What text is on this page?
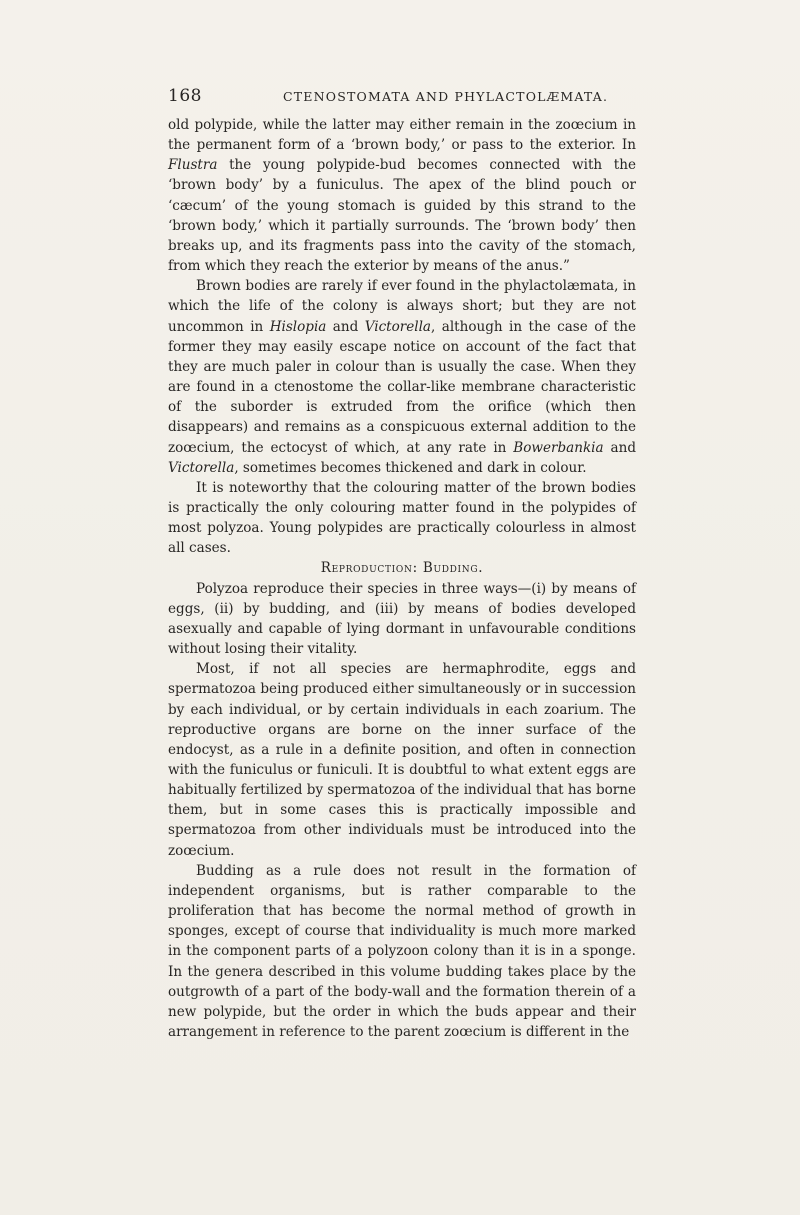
168	CTENOSTOMATA AND PHYLACTOLÆMATA.

old polypide, while the latter may either remain in the zoœcium in the permanent form of a ‘brown body,’ or pass to the exterior. In Flustra the young polypide-bud becomes connected with the ‘brown body’ by a funiculus. The apex of the blind pouch or ‘cæcum’ of the young stomach is guided by this strand to the ‘brown body,’ which it partially surrounds. The ‘brown body’ then breaks up, and its fragments pass into the cavity of the stomach, from which they reach the exterior by means of the anus.”

Brown bodies are rarely if ever found in the phylactolæmata, in which the life of the colony is always short; but they are not uncommon in Hislopia and Victorella, although in the case of the former they may easily escape notice on account of the fact that they are much paler in colour than is usually the case. When they are found in a ctenostome the collar-like membrane characteristic of the suborder is extruded from the orifice (which then disappears) and remains as a conspicuous external addition to the zoœcium, the ectocyst of which, at any rate in Bowerbankia and Victorella, sometimes becomes thickened and dark in colour.

It is noteworthy that the colouring matter of the brown bodies is practically the only colouring matter found in the polypides of most polyzoa. Young polypides are practically colourless in almost all cases.

Reproduction: Budding.

Polyzoa reproduce their species in three ways—(i) by means of eggs, (ii) by budding, and (iii) by means of bodies developed asexually and capable of lying dormant in unfavourable conditions without losing their vitality.

Most, if not all species are hermaphrodite, eggs and spermatozoa being produced either simultaneously or in succession by each individual, or by certain individuals in each zoarium. The reproductive organs are borne on the inner surface of the endocyst, as a rule in a definite position, and often in connection with the funiculus or funiculi. It is doubtful to what extent eggs are habitually fertilized by spermatozoa of the individual that has borne them, but in some cases this is practically impossible and spermatozoa from other individuals must be introduced into the zoœcium.

Budding as a rule does not result in the formation of independent organisms, but is rather comparable to the proliferation that has become the normal method of growth in sponges, except of course that individuality is much more marked in the component parts of a polyzoon colony than it is in a sponge. In the genera described in this volume budding takes place by the outgrowth of a part of the body-wall and the formation therein of a new polypide, but the order in which the buds appear and their arrangement in reference to the parent zoœcium is different in the
